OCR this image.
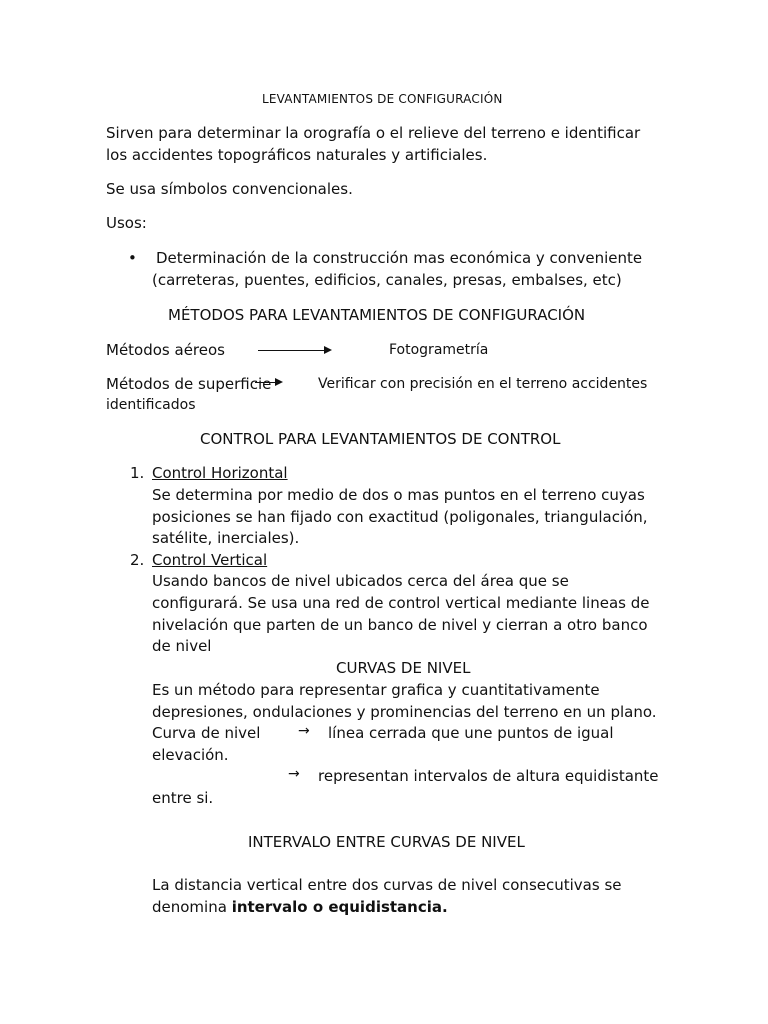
LEVANTAMIENTOS DE CONFIGURACIÓN
Sirven para determinar la orografía o el relieve del terreno e identificar
los accidentes topográficos naturales y artificiales.
Se usa símbolos convencionales.
Usos:
• Determinación de la construcción mas económica y conveniente
(carreteras, puentes, edificios, canales, presas, embalses, etc)
MÉTODOS PARA LEVANTAMIENTOS DE CONFIGURACIÓN
Métodos aéreos	Fotogrametría
Métodos de superficie	Verificar con precisión en el terreno accidentes
identificados
CONTROL PARA LEVANTAMIENTOS DE CONTROL
1. Control Horizontal
Se determina por medio de dos o mas puntos en el terreno cuyas
posiciones se han fijado con exactitud (poligonales, triangulación,
satélite, inerciales).
2. Control Vertical
Usando bancos de nivel ubicados cerca del área que se
configurará. Se usa una red de control vertical mediante lineas de
nivelación que parten de un banco de nivel y cierran a otro banco
de nivel
CURVAS DE NIVEL
Es un método para representar grafica y cuantitativamente
depresiones, ondulaciones y prominencias del terreno en un plano.
Curva de nivel	→ línea cerrada que une puntos de igual
elevación.
→ representan intervalos de altura equidistante
entre si.
INTERVALO ENTRE CURVAS DE NIVEL
La distancia vertical entre dos curvas de nivel consecutivas se
denomina intervalo o equidistancia.
